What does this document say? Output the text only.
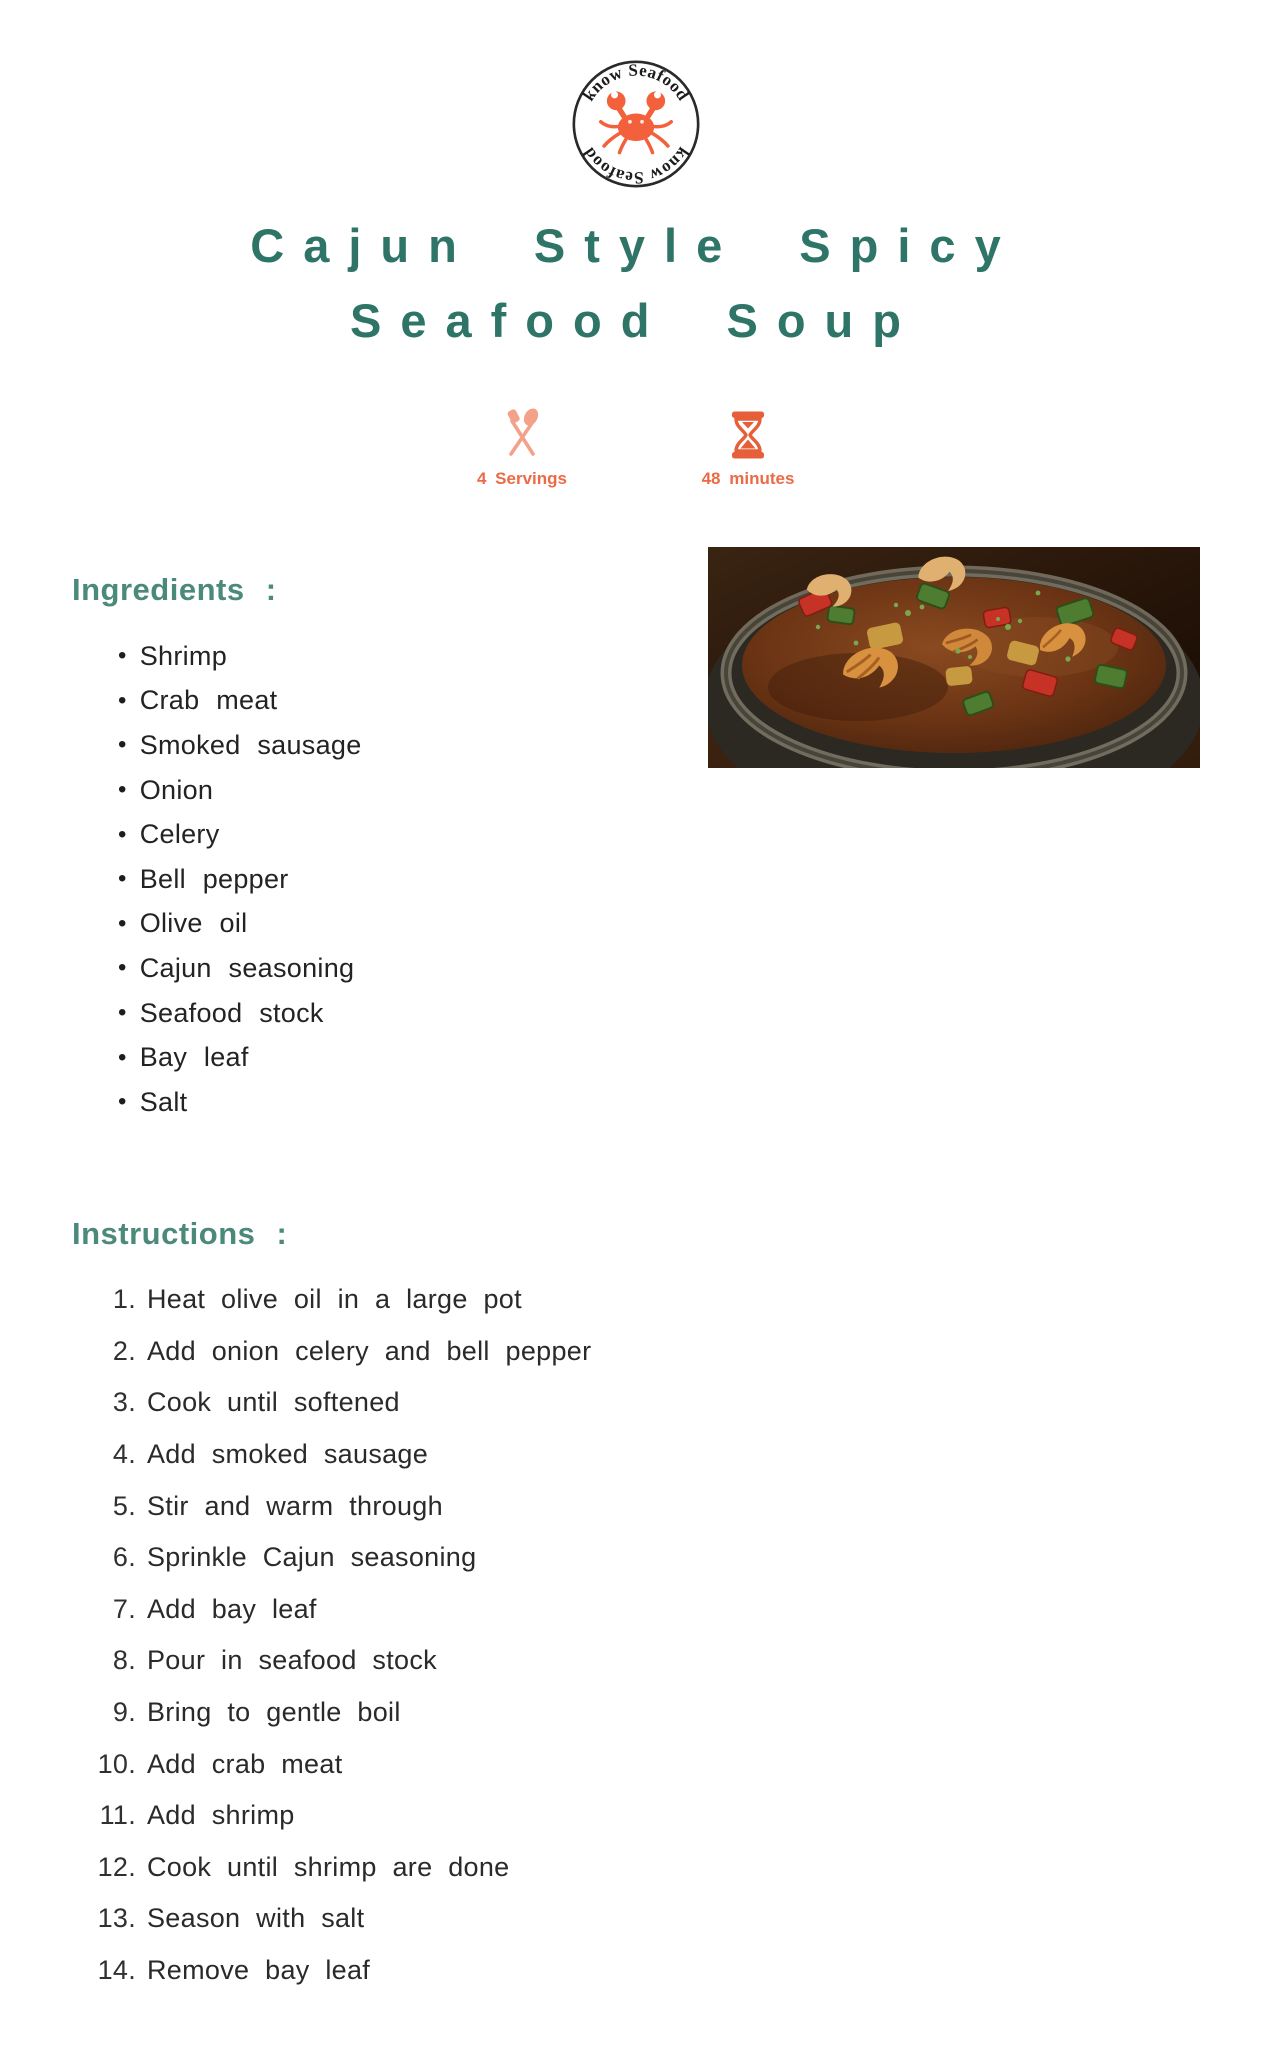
know Seafood
know Seafood
Cajun Style Spicy
Seafood Soup
4 Servings	48 minutes
Ingredients :
• Shrimp
• Crab meat
• Smoked sausage
• Onion
• Celery
• Bell pepper
• Olive oil
• Cajun seasoning
• Seafood stock
• Bay leaf
• Salt
Instructions :
1. Heat olive oil in a large pot
2. Add onion celery and bell pepper
3. Cook until softened
4. Add smoked sausage
5. Stir and warm through
6. Sprinkle Cajun seasoning
7. Add bay leaf
8. Pour in seafood stock
9. Bring to gentle boil
10. Add crab meat
11. Add shrimp
12. Cook until shrimp are done
13. Season with salt
14. Remove bay leaf
